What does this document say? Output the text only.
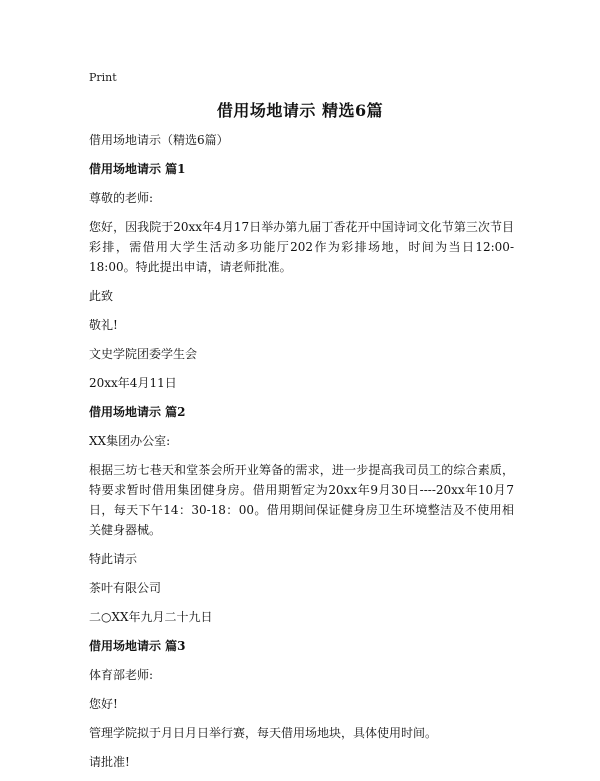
Print
借用场地请示 精选6篇

借用场地请示（精选6篇）

借用场地请示 篇1

尊敬的老师:

您好，因我院于20xx年4月17日举办第九届丁香花开中国诗词文化节第三次节目彩排，需借用大学生活动多功能厅202作为彩排场地，时间为当日12:00-18:00。特此提出申请，请老师批准。

此致

敬礼!

文史学院团委学生会

20xx年4月11日

借用场地请示 篇2

XX集团办公室:

根据三坊七巷天和堂茶会所开业筹备的需求，进一步提高我司员工的综合素质，特要求暂时借用集团健身房。借用期暂定为20xx年9月30日----20xx年10月7日，每天下午14：30-18：00。借用期间保证健身房卫生环境整洁及不使用相关健身器械。

特此请示

茶叶有限公司

二○XX年九月二十九日

借用场地请示 篇3

体育部老师:

您好!

管理学院拟于月日月日举行赛，每天借用场地块，具体使用时间。

请批准!
